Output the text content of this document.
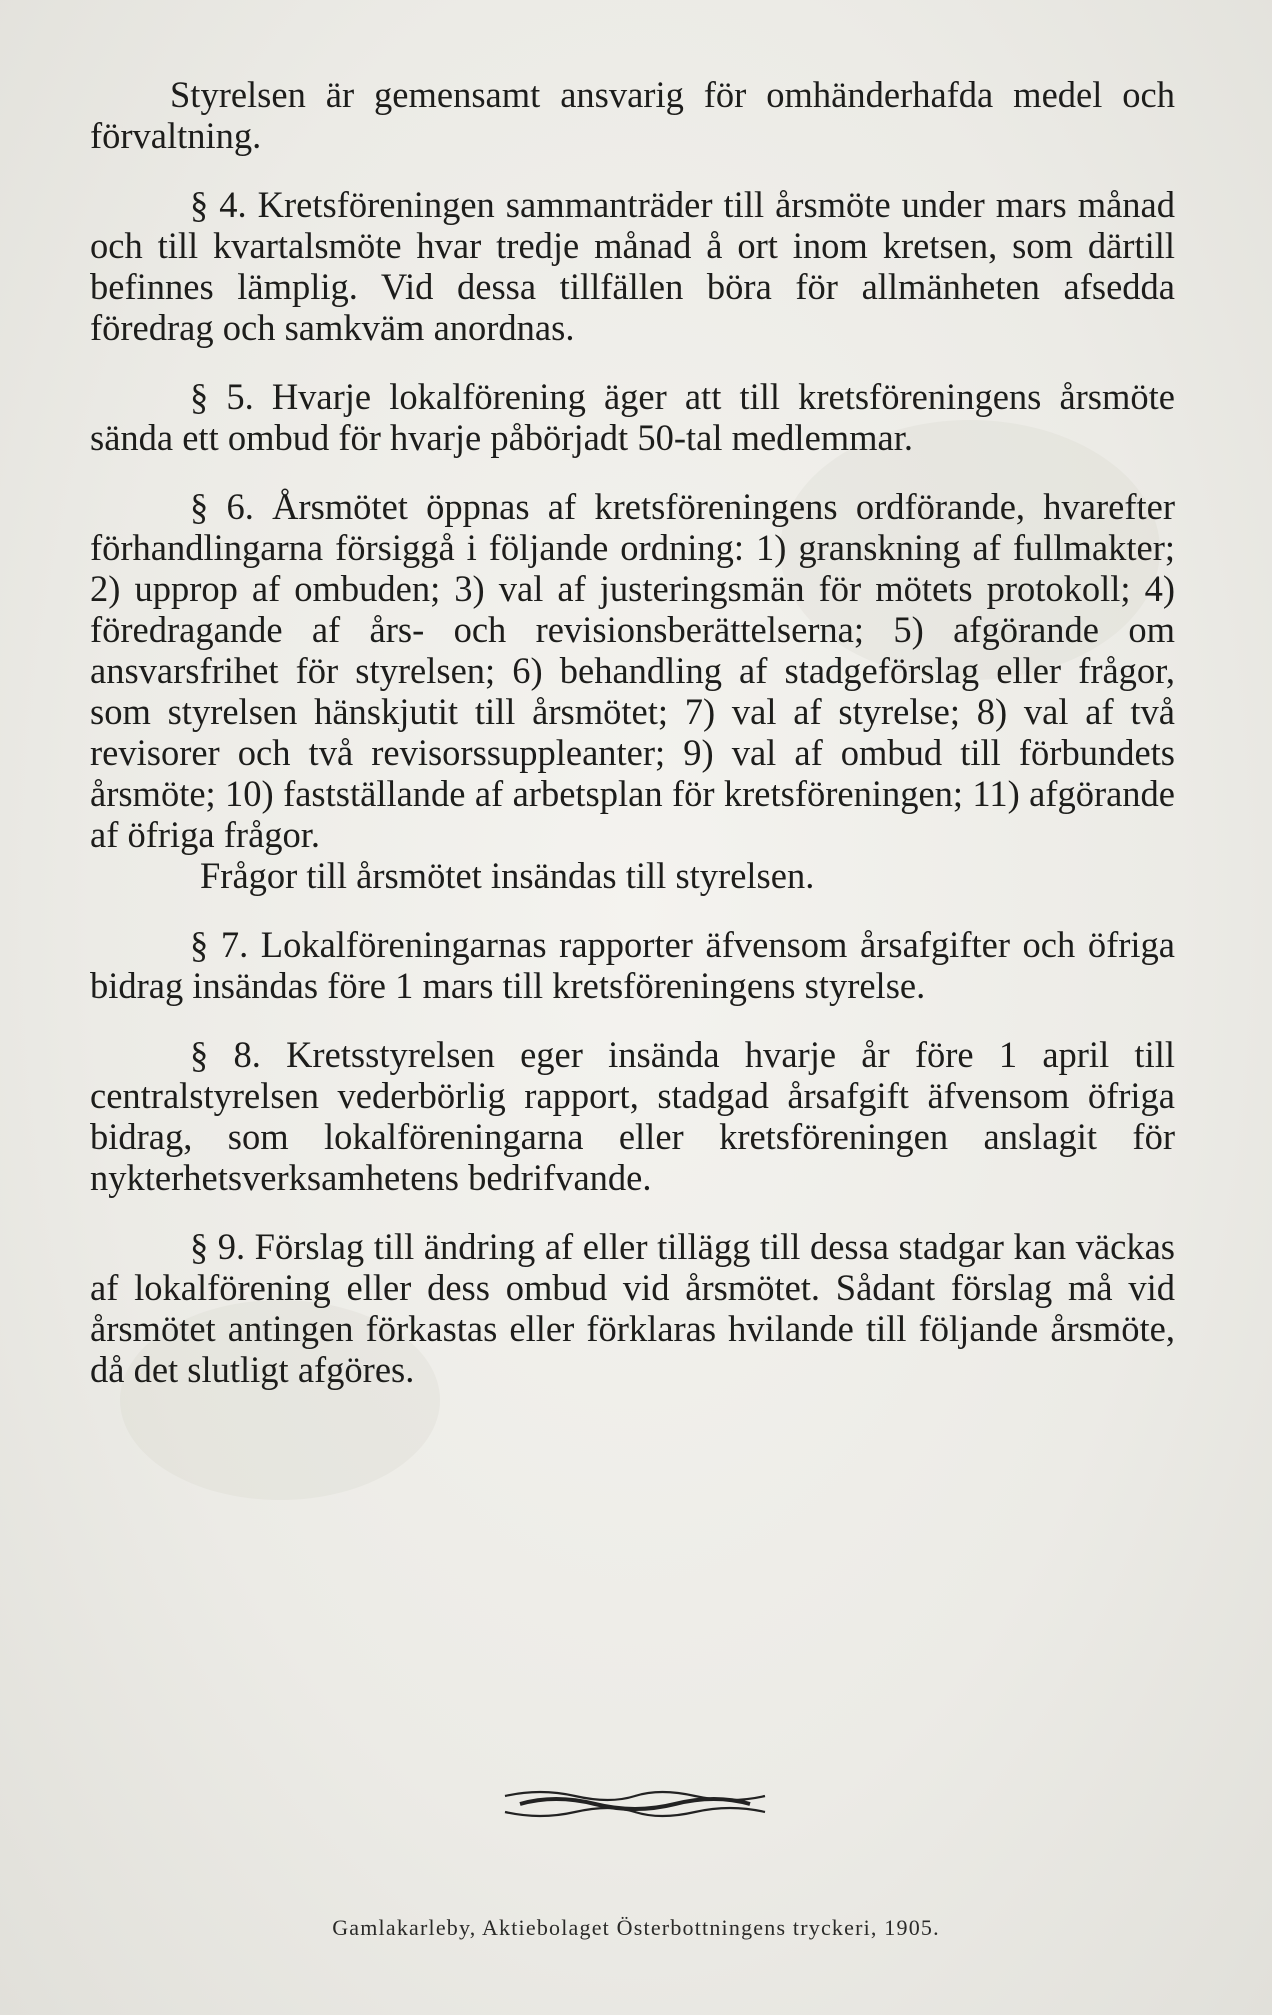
Styrelsen är gemensamt ansvarig för omhänderhafda medel och förvaltning.

§ 4. Kretsföreningen sammanträder till årsmöte under mars månad och till kvartalsmöte hvar tredje månad å ort inom kretsen, som därtill befinnes lämplig. Vid dessa tillfällen böra för allmänheten afsedda föredrag och samkväm anordnas.

§ 5. Hvarje lokalförening äger att till kretsföreningens årsmöte sända ett ombud för hvarje påbörjadt 50-tal medlemmar.

§ 6. Årsmötet öppnas af kretsföreningens ordförande, hvarefter förhandlingarna försiggå i följande ordning: 1) granskning af fullmakter; 2) upprop af ombuden; 3) val af justeringsmän för mötets protokoll; 4) föredragande af års- och revisionsberättelserna; 5) afgörande om ansvarsfrihet för styrelsen; 6) behandling af stadgeförslag eller frågor, som styrelsen hänskjutit till årsmötet; 7) val af styrelse; 8) val af två revisorer och två revisorssuppleanter; 9) val af ombud till förbundets årsmöte; 10) fastställande af arbetsplan för kretsföreningen; 11) afgörande af öfriga frågor.

Frågor till årsmötet insändas till styrelsen.

§ 7. Lokalföreningarnas rapporter äfvensom årsafgifter och öfriga bidrag insändas före 1 mars till kretsföreningens styrelse.

§ 8. Kretsstyrelsen eger insända hvarje år före 1 april till centralstyrelsen vederbörlig rapport, stadgad årsafgift äfvensom öfriga bidrag, som lokalföreningarna eller kretsföreningen anslagit för nykterhetsverksamhetens bedrifvande.

§ 9. Förslag till ändring af eller tillägg till dessa stadgar kan väckas af lokalförening eller dess ombud vid årsmötet. Sådant förslag må vid årsmötet antingen förkastas eller förklaras hvilande till följande årsmöte, då det slutligt afgöres.

Gamlakarleby, Aktiebolaget Österbottningens tryckeri, 1905.
